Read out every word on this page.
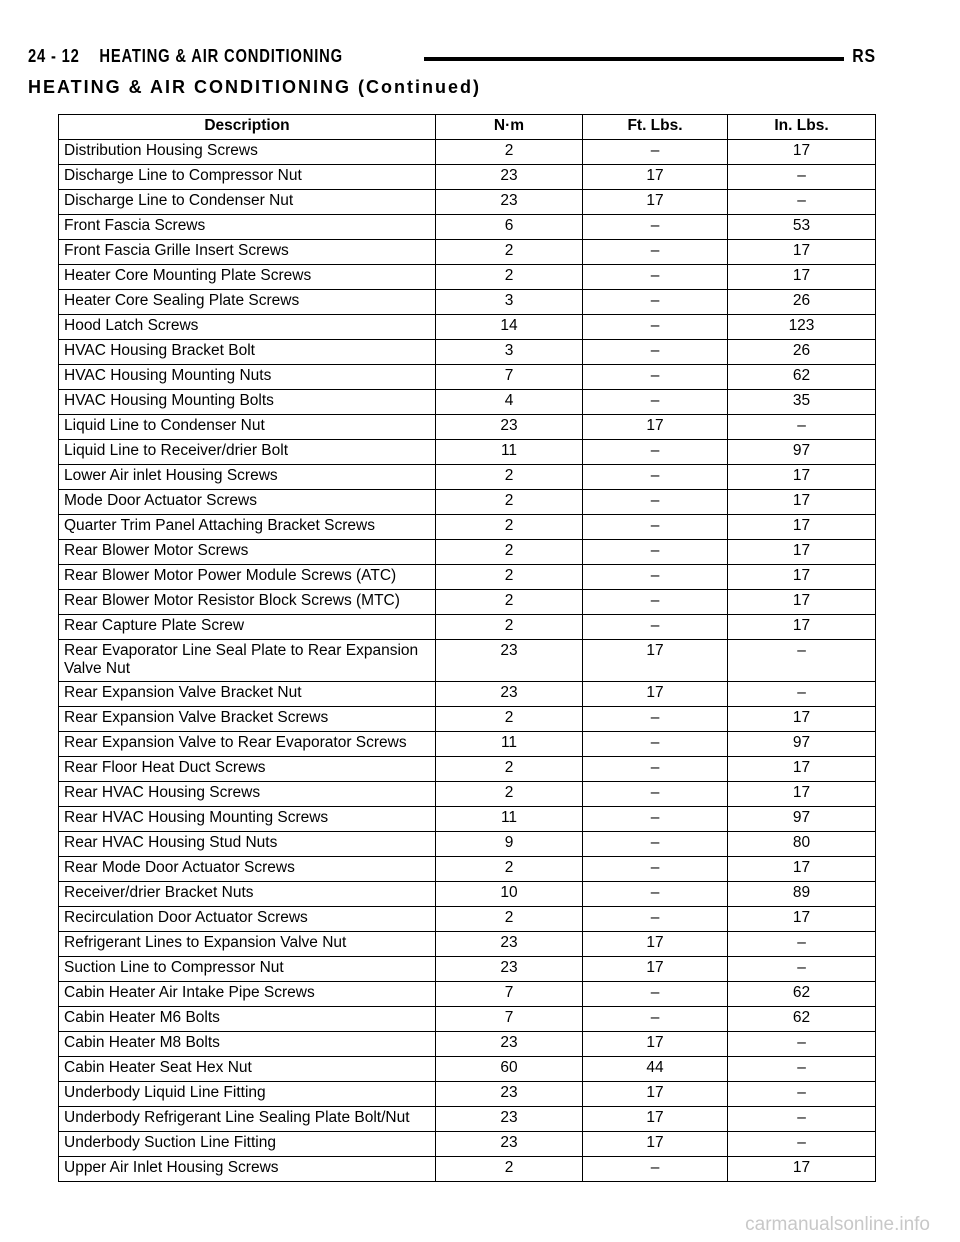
24 - 12    HEATING & AIR CONDITIONING	RS
HEATING & AIR CONDITIONING (Continued)
Description	N·m	Ft. Lbs.	In. Lbs.
Distribution Housing Screws	2	–	17
Discharge Line to Compressor Nut	23	17	–
Discharge Line to Condenser Nut	23	17	–
Front Fascia Screws	6	–	53
Front Fascia Grille Insert Screws	2	–	17
Heater Core Mounting Plate Screws	2	–	17
Heater Core Sealing Plate Screws	3	–	26
Hood Latch Screws	14	–	123
HVAC Housing Bracket Bolt	3	–	26
HVAC Housing Mounting Nuts	7	–	62
HVAC Housing Mounting Bolts	4	–	35
Liquid Line to Condenser Nut	23	17	–
Liquid Line to Receiver/drier Bolt	11	–	97
Lower Air inlet Housing Screws	2	–	17
Mode Door Actuator Screws	2	–	17
Quarter Trim Panel Attaching Bracket Screws	2	–	17
Rear Blower Motor Screws	2	–	17
Rear Blower Motor Power Module Screws (ATC)	2	–	17
Rear Blower Motor Resistor Block Screws (MTC)	2	–	17
Rear Capture Plate Screw	2	–	17
Rear Evaporator Line Seal Plate to Rear Expansion Valve Nut	23	17	–
Rear Expansion Valve Bracket Nut	23	17	–
Rear Expansion Valve Bracket Screws	2	–	17
Rear Expansion Valve to Rear Evaporator Screws	11	–	97
Rear Floor Heat Duct Screws	2	–	17
Rear HVAC Housing Screws	2	–	17
Rear HVAC Housing Mounting Screws	11	–	97
Rear HVAC Housing Stud Nuts	9	–	80
Rear Mode Door Actuator Screws	2	–	17
Receiver/drier Bracket Nuts	10	–	89
Recirculation Door Actuator Screws	2	–	17
Refrigerant Lines to Expansion Valve Nut	23	17	–
Suction Line to Compressor Nut	23	17	–
Cabin Heater Air Intake Pipe Screws	7	–	62
Cabin Heater M6 Bolts	7	–	62
Cabin Heater M8 Bolts	23	17	–
Cabin Heater Seat Hex Nut	60	44	–
Underbody Liquid Line Fitting	23	17	–
Underbody Refrigerant Line Sealing Plate Bolt/Nut	23	17	–
Underbody Suction Line Fitting	23	17	–
Upper Air Inlet Housing Screws	2	–	17
carmanualsonline.info
